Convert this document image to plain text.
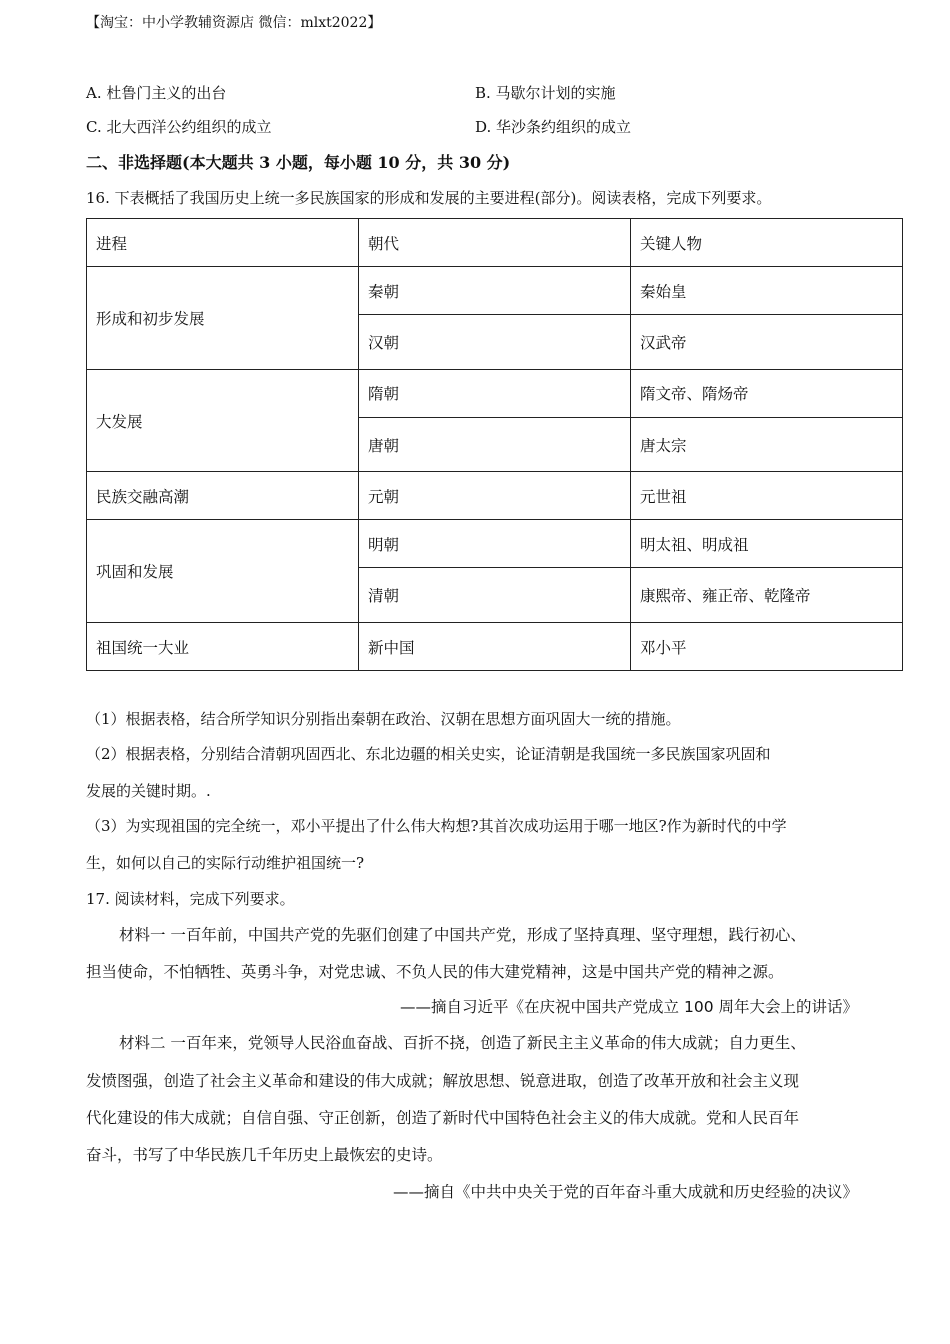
【淘宝：中小学教辅资源店 微信：mlxt2022】
A. 杜鲁门主义的出台	B. 马歇尔计划的实施
C. 北大西洋公约组织的成立	D. 华沙条约组织的成立
二、非选择题(本大题共 3 小题，每小题 10 分，共 30 分)
16. 下表概括了我国历史上统一多民族国家的形成和发展的主要进程(部分)。阅读表格，完成下列要求。
进程	朝代	关键人物
形成和初步发展	秦朝	秦始皇
	汉朝	汉武帝
大发展	隋朝	隋文帝、隋炀帝
	唐朝	唐太宗
民族交融高潮	元朝	元世祖
巩固和发展	明朝	明太祖、明成祖
	清朝	康熙帝、雍正帝、乾隆帝
祖国统一大业	新中国	邓小平
（1）根据表格，结合所学知识分别指出秦朝在政治、汉朝在思想方面巩固大一统的措施。
（2）根据表格，分别结合清朝巩固西北、东北边疆的相关史实，论证清朝是我国统一多民族国家巩固和
发展的关键时期。.
（3）为实现祖国的完全统一，邓小平提出了什么伟大构想?其首次成功运用于哪一地区?作为新时代的中学
生，如何以自己的实际行动维护祖国统一?
17. 阅读材料，完成下列要求。
材料一 一百年前，中国共产党的先驱们创建了中国共产党，形成了坚持真理、坚守理想，践行初心、
担当使命，不怕牺牲、英勇斗争，对党忠诚、不负人民的伟大建党精神，这是中国共产党的精神之源。
——摘自习近平《在庆祝中国共产党成立 100 周年大会上的讲话》
材料二 一百年来，党领导人民浴血奋战、百折不挠，创造了新民主主义革命的伟大成就；自力更生、
发愤图强，创造了社会主义革命和建设的伟大成就；解放思想、锐意进取，创造了改革开放和社会主义现
代化建设的伟大成就；自信自强、守正创新，创造了新时代中国特色社会主义的伟大成就。党和人民百年
奋斗，书写了中华民族几千年历史上最恢宏的史诗。
——摘自《中共中央关于党的百年奋斗重大成就和历史经验的决议》
